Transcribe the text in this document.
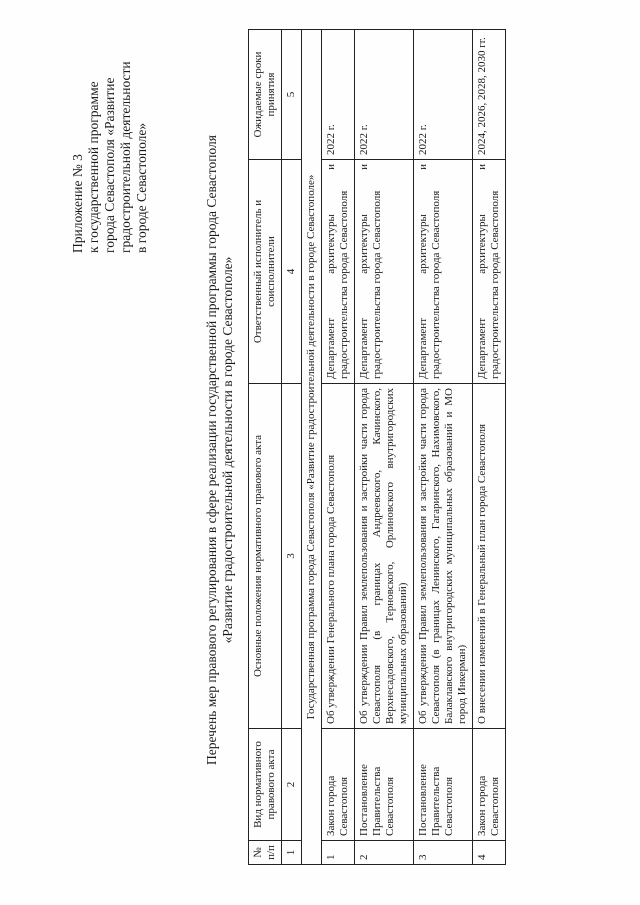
Приложение № 3 к государственной программе города Севастополя «Развитие градостроительной деятельности в городе Севастополе»	Перечень мер правового регулирования в сфере реализации государственной программы города Севастополя «Развитие градостроительной деятельности в городе Севастополе»
№ п/п	Вид нормативного правового акта	Основные положения нормативного правового акта	Ответственный исполнитель и соисполнители	Ожидаемые сроки принятия
1	2	3	4	5
Государственная программа города Севастополя «Развитие градостроительной деятельности в городе Севастополе»				
1	Закон города Севастополя	Об утверждении Генерального плана города Севастополя	Департамент архитектуры и градостроительства города Севастополя	2022 г.
2	Постановление Правительства Севастополя	Об утверждении Правил землепользования и застройки части города Севастополя (в границах Андреевского, Качинского, Верхнесадовского, Терновского, Орлиновского внутригородских муниципальных образований)	Департамент архитектуры и градостроительства города Севастополя	2022 г.
3	Постановление Правительства Севастополя	Об утверждении Правил землепользования и застройки части города Севастополя (в границах Ленинского, Гагаринского, Нахимовского, Балаклавского внутригородских муниципальных образований и МО город Инкерман)	Департамент архитектуры и градостроительства города Севастополя	2022 г.
4	Закон города Севастополя	О внесении изменений в Генеральный план города Севастополя	Департамент архитектуры и градостроительства города Севастополя	2024, 2026, 2028, 2030 гг.
